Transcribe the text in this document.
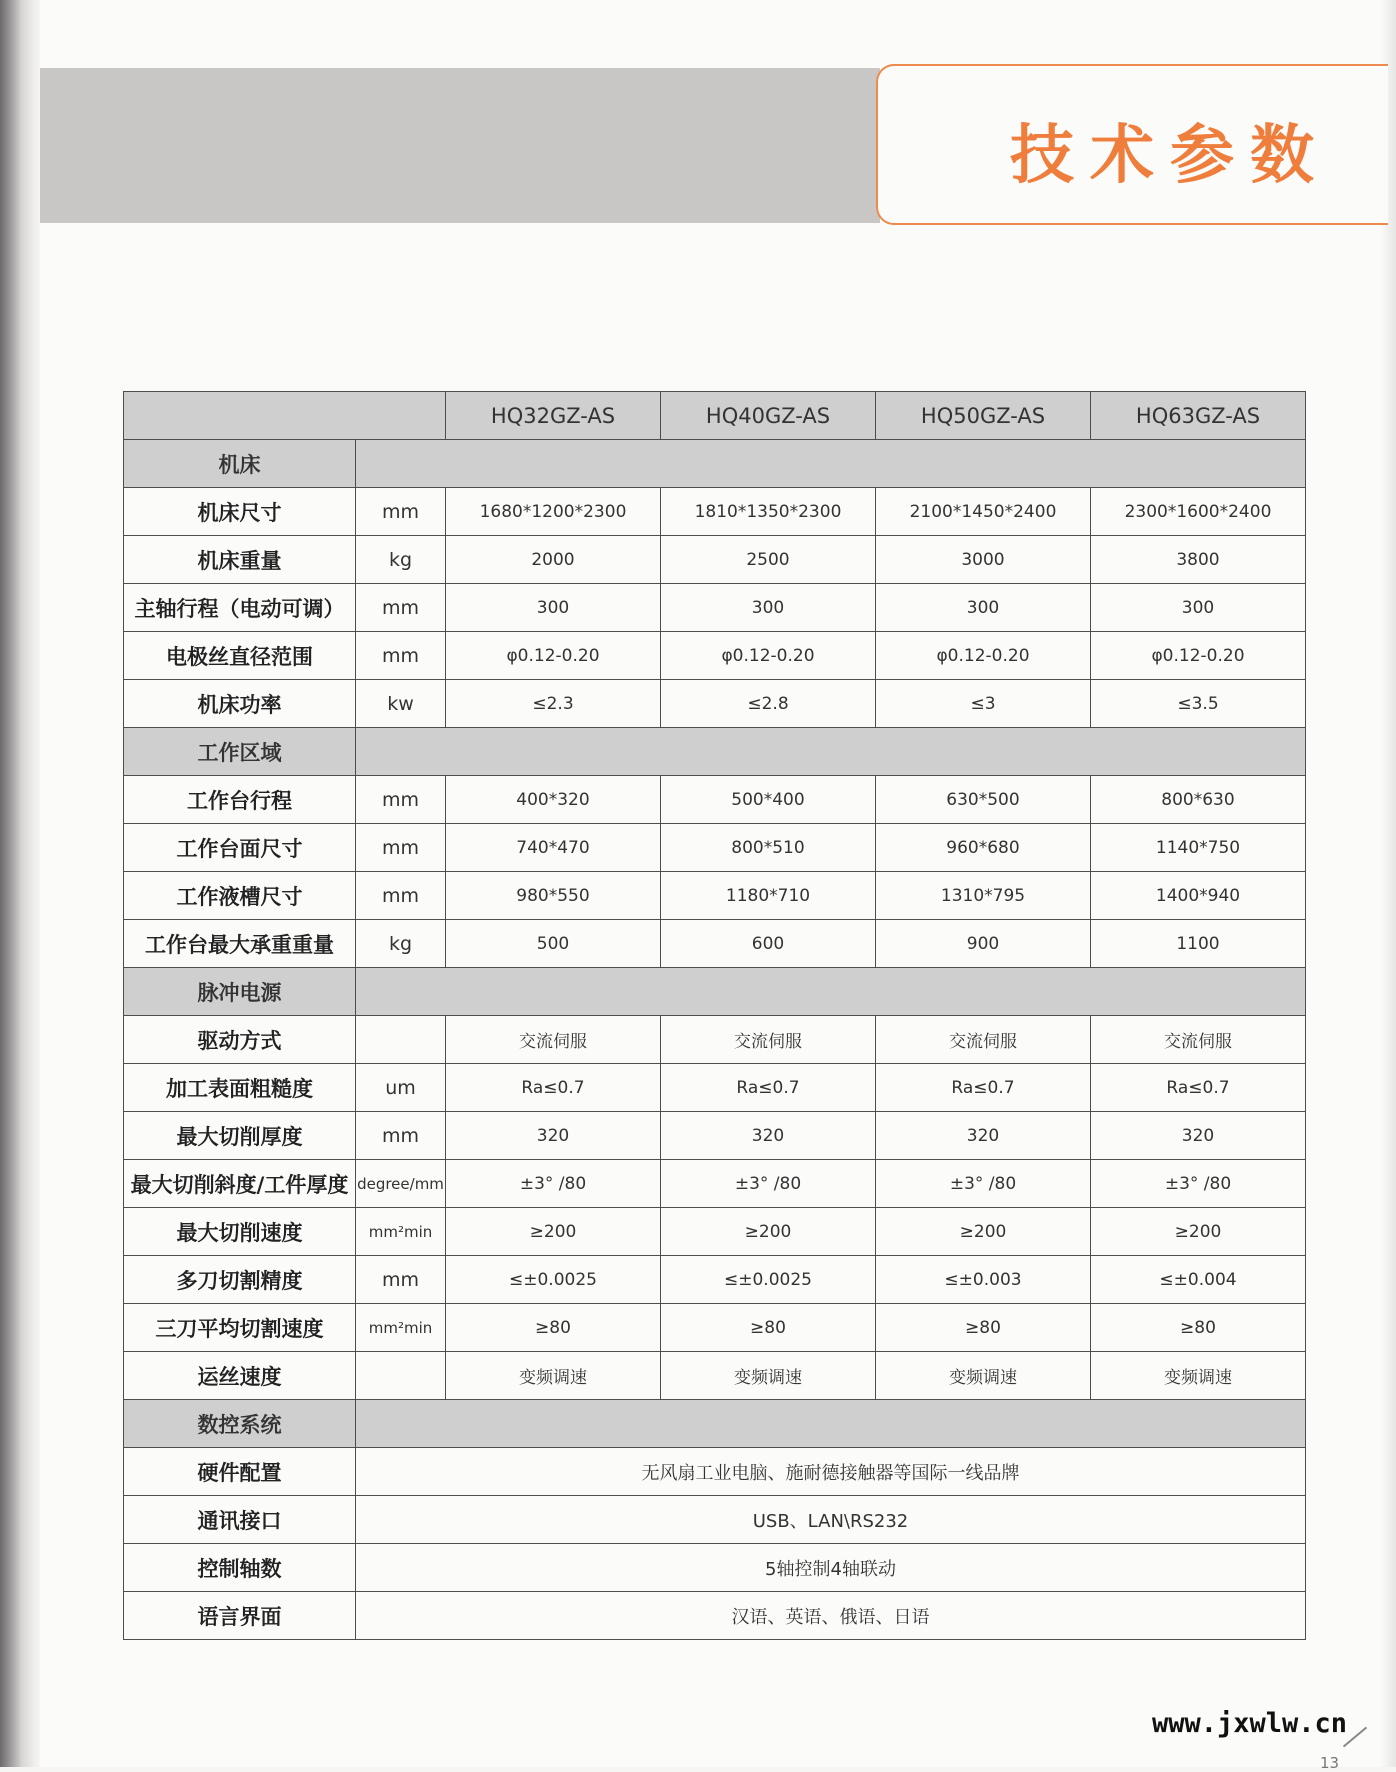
技术参数
		HQ32GZ-AS	HQ40GZ-AS	HQ50GZ-AS	HQ63GZ-AS
机床					
机床尺寸	mm	1680*1200*2300	1810*1350*2300	2100*1450*2400	2300*1600*2400
机床重量	kg	2000	2500	3000	3800
主轴行程（电动可调）	mm	300	300	300	300
电极丝直径范围	mm	φ0.12-0.20	φ0.12-0.20	φ0.12-0.20	φ0.12-0.20
机床功率	kw	≤2.3	≤2.8	≤3	≤3.5
工作区域					
工作台行程	mm	400*320	500*400	630*500	800*630
工作台面尺寸	mm	740*470	800*510	960*680	1140*750
工作液槽尺寸	mm	980*550	1180*710	1310*795	1400*940
工作台最大承重重量	kg	500	600	900	1100
脉冲电源					
驱动方式		交流伺服	交流伺服	交流伺服	交流伺服
加工表面粗糙度	um	Ra≤0.7	Ra≤0.7	Ra≤0.7	Ra≤0.7
最大切削厚度	mm	320	320	320	320
最大切削斜度/工件厚度	degree/mm	±3° /80	±3° /80	±3° /80	±3° /80
最大切削速度	mm²min	≥200	≥200	≥200	≥200
多刀切割精度	mm	≤±0.0025	≤±0.0025	≤±0.003	≤±0.004
三刀平均切割速度	mm²min	≥80	≥80	≥80	≥80
运丝速度		变频调速	变频调速	变频调速	变频调速
数控系统					
硬件配置	无风扇工业电脑、施耐德接触器等国际一线品牌				
通讯接口	USB、LAN\RS232				
控制轴数	5轴控制4轴联动				
语言界面	汉语、英语、俄语、日语				
www.jxwlw.cn
13
